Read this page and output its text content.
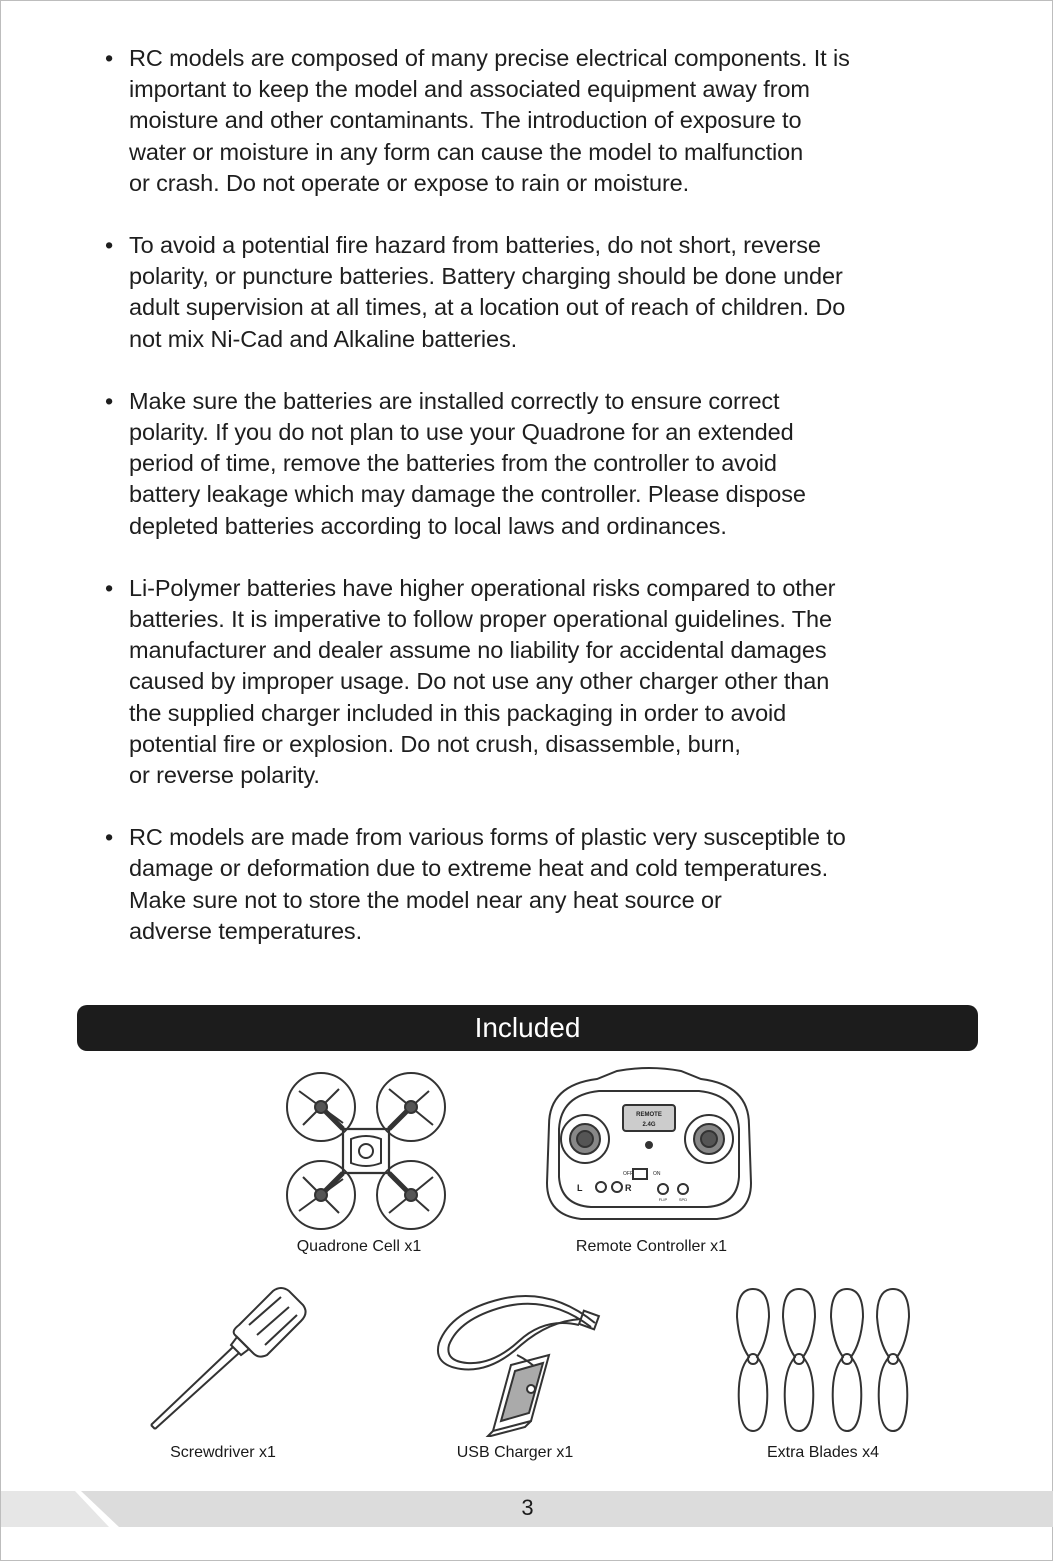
• RC models are composed of many precise electrical components. It is
important to keep the model and associated equipment away from
moisture and other contaminants. The introduction of exposure to
water or moisture in any form can cause the model to malfunction
or crash. Do not operate or expose to rain or moisture.
• To avoid a potential fire hazard from batteries, do not short, reverse
polarity, or puncture batteries. Battery charging should be done under
adult supervision at all times, at a location out of reach of children. Do
not mix Ni-Cad and Alkaline batteries.
• Make sure the batteries are installed correctly to ensure correct
polarity. If you do not plan to use your Quadrone for an extended
period of time, remove the batteries from the controller to avoid
battery leakage which may damage the controller. Please dispose
depleted batteries according to local laws and ordinances.
• Li-Polymer batteries have higher operational risks compared to other
batteries. It is imperative to follow proper operational guidelines. The
manufacturer and dealer assume no liability for accidental damages
caused by improper usage. Do not use any other charger other than
the supplied charger included in this packaging in order to avoid
potential fire or explosion. Do not crush, disassemble, burn,
or reverse polarity.
• RC models are made from various forms of plastic very susceptible to
damage or deformation due to extreme heat and cold temperatures.
Make sure not to store the model near any heat source or
adverse temperatures.
Included
Quadrone Cell x1
REMOTE
2.4G
OFF	ON
L	R
FLIP	SPD
Remote Controller x1
Screwdriver x1	USB Charger x1	Extra Blades x4
3
